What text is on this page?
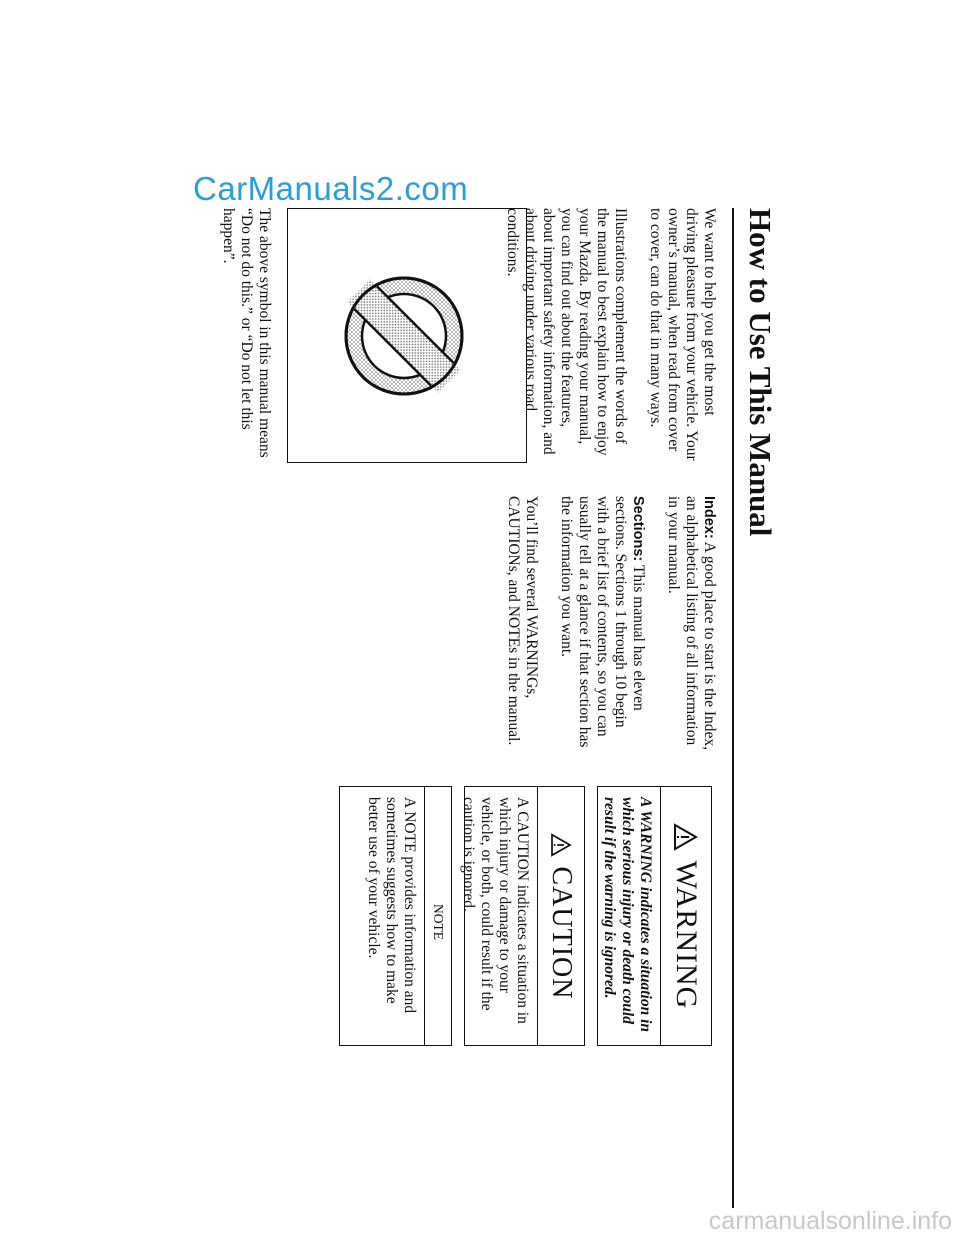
CarManuals2.com
How to Use This Manual

We want to help you get the most driving pleasure from your vehicle. Your owner’s manual, when read from cover to cover, can do that in many ways.

Illustrations complement the words of the manual to best explain how to enjoy your Mazda. By reading your manual, you can find out about the features, about important safety information, and about driving under various road conditions.

The above symbol in this manual means “Do not do this.” or “Do not let this happen”.

Index: A good place to start is the Index, an alphabetical listing of all information in your manual.

Sections: This manual has eleven sections. Sections 1 through 10 begin with a brief list of contents, so you can usually tell at a glance if that section has the information you want.

You’ll find several WARNINGs, CAUTIONs, and NOTEs in the manual.

WARNING
A WARNING indicates a situation in which serious injury or death could result if the warning is ignored.
CAUTION
A CAUTION indicates a situation in which injury or damage to your vehicle, or both, could result if the caution is ignored.
NOTE
A NOTE provides information and sometimes suggests how to make better use of your vehicle.
carmanualsonline.info
